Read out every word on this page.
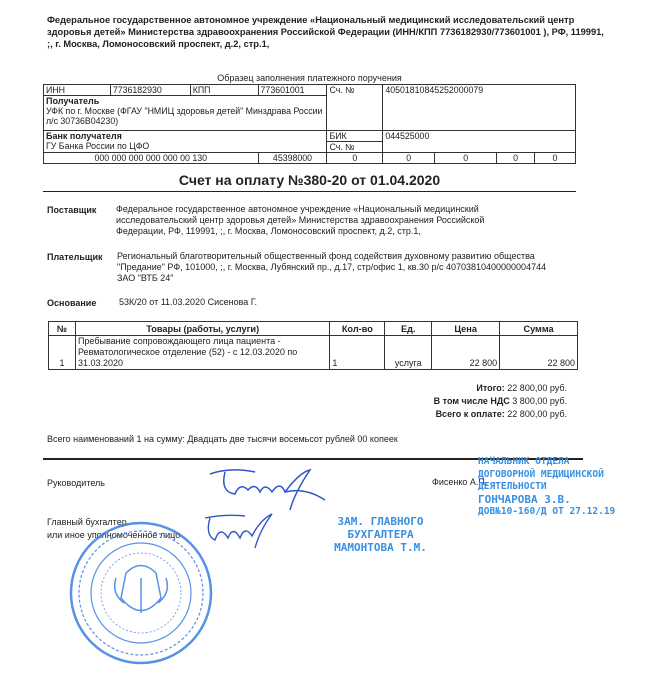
Федеральное государственное автономное учреждение «Национальный медицинский исследовательский центр здоровья детей» Министерства здравоохранения Российской Федерации (ИНН/КПП 7736182930/773601001 ), РФ, 119991, ;, г. Москва, Ломоносовский проспект, д.2, стр.1,
Образец заполнения платежного поручения
ИНН	7736182930	КПП	773601001	Сч. №	40501810845252000079			

Получатель
УФК по г. Москве (ФГАУ "НМИЦ здоровья детей" Минздрава России л/с 30736В04230)								

Банк получателя
ГУ Банка России по ЦФО				БИК	044525000			
				Сч. №				
000 000 000 000 000 00 130			45398000	0	0	0	0	0
Счет на оплату №380-20 от 01.04.2020
Поставщик Федеральное государственное автономное учреждение «Национальный медицинский исследовательский центр здоровья детей» Министерства здравоохранения Российской Федерации, РФ, 119991, ;, г. Москва, Ломоносовский проспект, д.2, стр.1,
Плательщик Региональный благотворительный общественный фонд содействия духовному развитию общества "Предание" РФ, 101000, ;, г. Москва, Лубянский пр., д.17, стр/офис 1, кв.30 р/с 40703810400000004744 ЗАО "ВТБ 24"
Основание	53К/20 от 11.03.2020 Сисенова Г.
№	Товары (работы, услуги)	Кол-во	Ед.	Цена	Сумма
1	Пребывание сопровождающего лица пациента - Ревматологическое отделение (52) - с 12.03.2020 по 31.03.2020	1	услуга	22 800	22 800
Итого: 22 800,00 руб.
В том числе НДС 3 800,00 руб.
Всего к оплате: 22 800,00 руб.
Всего наименований 1 на сумму: Двадцать две тысячи восемьсот рублей 00 копеек
Руководитель	Фисенко А.П.
Главный бухгалтер
или иное уполномоченное лицо
НАЧАЛЬНИК ОТДЕЛА
ДОГОВОРНОЙ МЕДИЦИНСКОЙ
ДЕЯТЕЛЬНОСТИ
ГОНЧАРОВА З.В.
ДОВ№10-160/Д ОТ 27.12.19
ЗАМ. ГЛАВНОГО
БУХГАЛТЕРА
МАМОНТОВА Т.М.
